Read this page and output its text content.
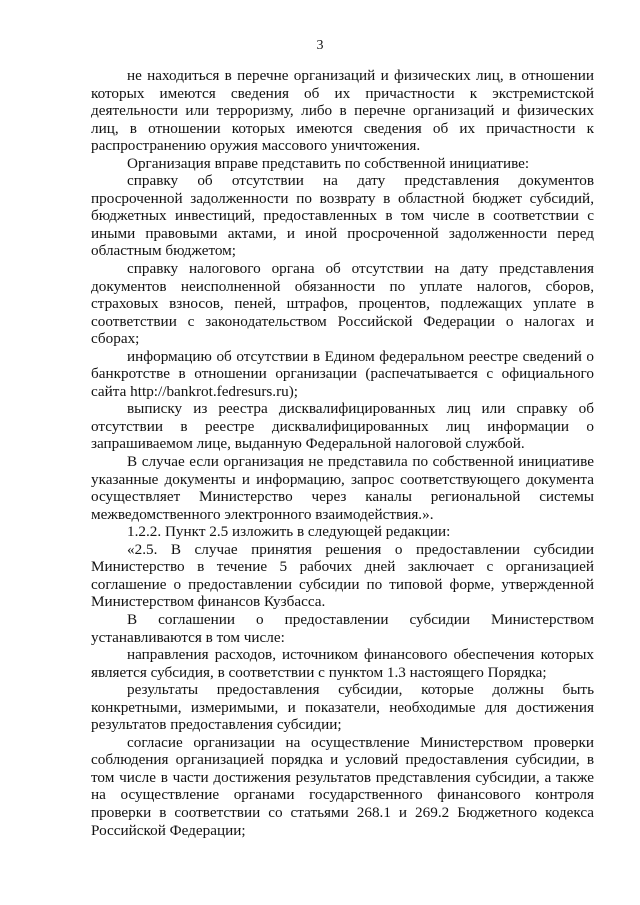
3

не находиться в перечне организаций и физических лиц, в отношении которых имеются сведения об их причастности к экстремистской деятельности или терроризму, либо в перечне организаций и физических лиц, в отношении которых имеются сведения об их причастности к распространению оружия массового уничтожения.

Организация вправе представить по собственной инициативе:

справку об отсутствии на дату представления документов просроченной задолженности по возврату в областной бюджет субсидий, бюджетных инвестиций, предоставленных в том числе в соответствии с иными правовыми актами, и иной просроченной задолженности перед областным бюджетом;

справку налогового органа об отсутствии на дату представления документов неисполненной обязанности по уплате налогов, сборов, страховых взносов, пеней, штрафов, процентов, подлежащих уплате в соответствии с законодательством Российской Федерации о налогах и сборах;

информацию об отсутствии в Едином федеральном реестре сведений о банкротстве в отношении организации (распечатывается с официального сайта http://bankrot.fedresurs.ru);

выписку из реестра дисквалифицированных лиц или справку об отсутствии в реестре дисквалифицированных лиц информации о запрашиваемом лице, выданную Федеральной налоговой службой.

В случае если организация не представила по собственной инициативе указанные документы и информацию, запрос соответствующего документа осуществляет Министерство через каналы региональной системы межведомственного электронного взаимодействия.».

1.2.2. Пункт 2.5 изложить в следующей редакции:

«2.5. В случае принятия решения о предоставлении субсидии Министерство в течение 5 рабочих дней заключает с организацией соглашение о предоставлении субсидии по типовой форме, утвержденной Министерством финансов Кузбасса.

В соглашении о предоставлении субсидии Министерством устанавливаются в том числе:

направления расходов, источником финансового обеспечения которых является субсидия, в соответствии с пунктом 1.3 настоящего Порядка;

результаты предоставления субсидии, которые должны быть конкретными, измеримыми, и показатели, необходимые для достижения результатов предоставления субсидии;

согласие организации на осуществление Министерством проверки соблюдения организацией порядка и условий предоставления субсидии, в том числе в части достижения результатов представления субсидии, а также на осуществление органами государственного финансового контроля проверки в соответствии со статьями 268.1 и 269.2 Бюджетного кодекса Российской Федерации;
